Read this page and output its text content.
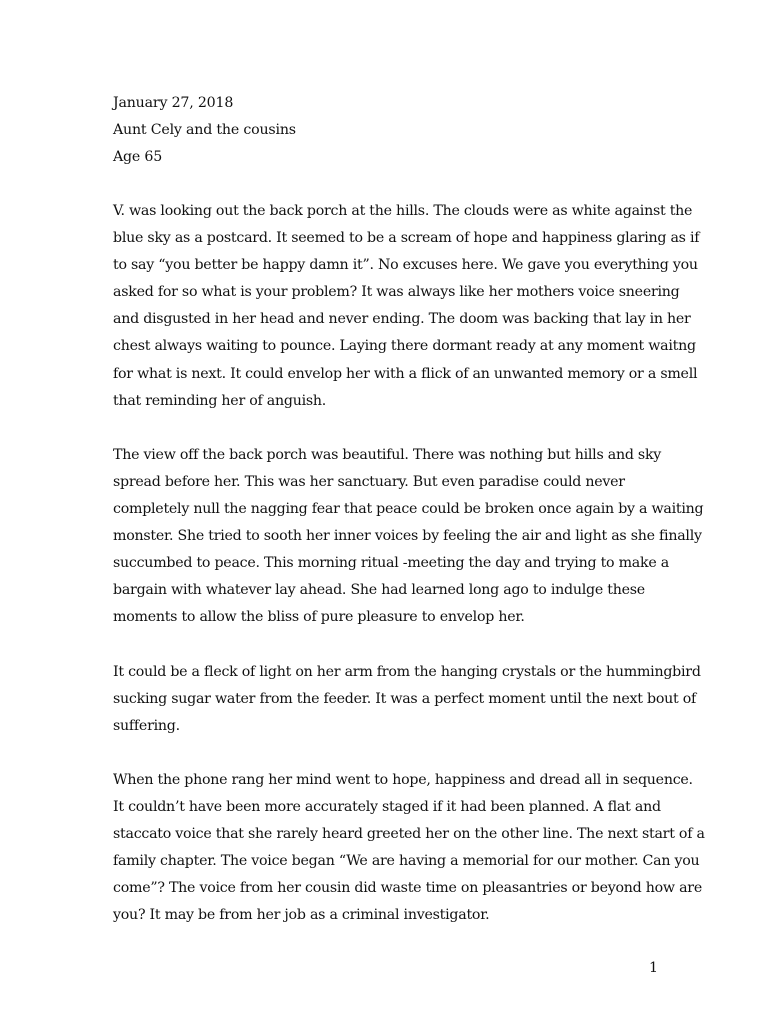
January 27, 2018
Aunt Cely and the cousins
Age 65
V. was looking out the back porch at the hills. The clouds were as white against the
blue sky as a postcard. It seemed to be a scream of hope and happiness glaring as if
to say “you better be happy damn it”. No excuses here. We gave you everything you
asked for so what is your problem? It was always like her mothers voice sneering
and disgusted in her head and never ending. The doom was backing that lay in her
chest always waiting to pounce. Laying there dormant ready at any moment waitng
for what is next. It could envelop her with a flick of an unwanted memory or a smell
that reminding her of anguish.
The view off the back porch was beautiful. There was nothing but hills and sky
spread before her. This was her sanctuary. But even paradise could never
completely null the nagging fear that peace could be broken once again by a waiting
monster. She tried to sooth her inner voices by feeling the air and light as she finally
succumbed to peace. This morning ritual -meeting the day and trying to make a
bargain with whatever lay ahead. She had learned long ago to indulge these
moments to allow the bliss of pure pleasure to envelop her.
It could be a fleck of light on her arm from the hanging crystals or the hummingbird
sucking sugar water from the feeder. It was a perfect moment until the next bout of
suffering.
When the phone rang her mind went to hope, happiness and dread all in sequence.
It couldn’t have been more accurately staged if it had been planned. A flat and
staccato voice that she rarely heard greeted her on the other line. The next start of a
family chapter. The voice began “We are having a memorial for our mother. Can you
come”? The voice from her cousin did waste time on pleasantries or beyond how are
you? It may be from her job as a criminal investigator.
1
